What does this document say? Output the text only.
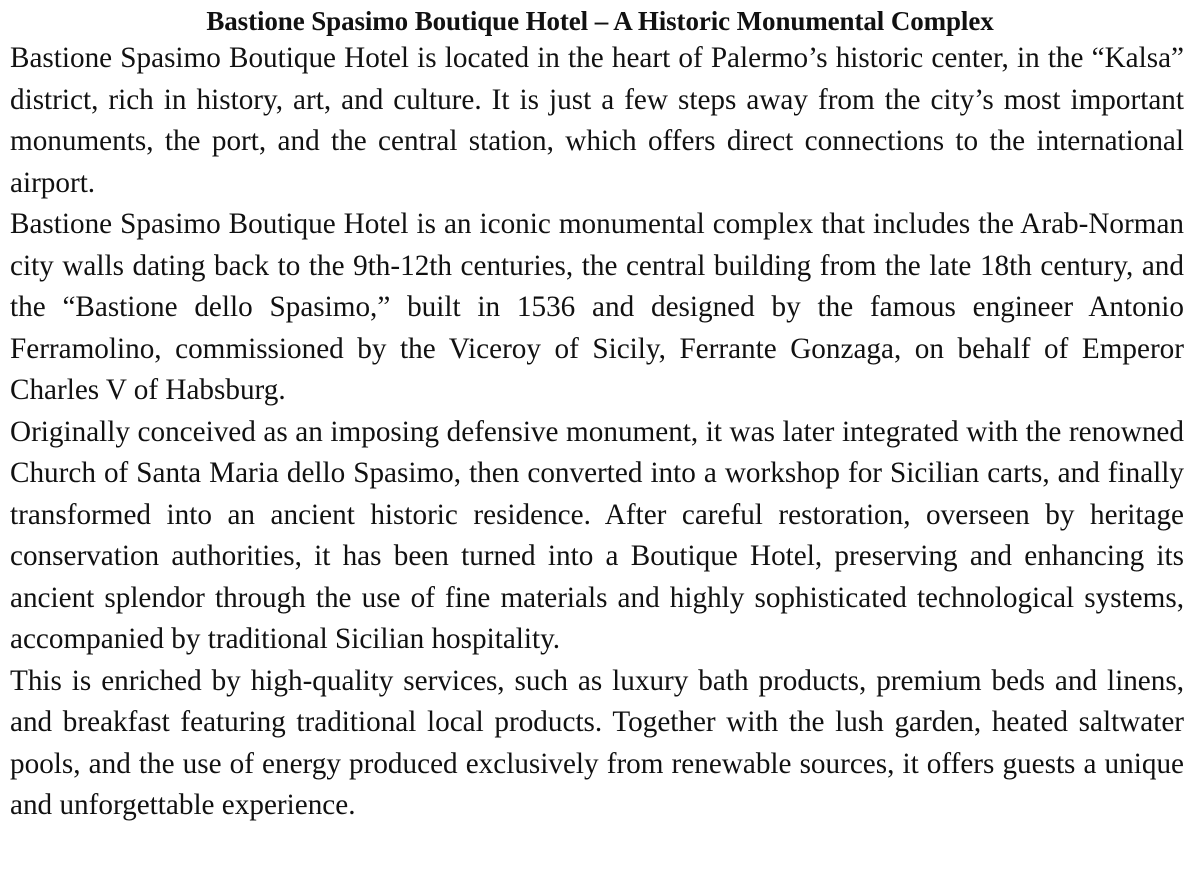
Bastione Spasimo Boutique Hotel – A Historic Monumental Complex

Bastione Spasimo Boutique Hotel is located in the heart of Palermo’s historic center, in the “Kalsa” district, rich in history, art, and culture. It is just a few steps away from the city’s most important monuments, the port, and the central station, which offers direct connections to the international airport.

Bastione Spasimo Boutique Hotel is an iconic monumental complex that includes the Arab-Norman city walls dating back to the 9th-12th centuries, the central building from the late 18th century, and the “Bastione dello Spasimo,” built in 1536 and designed by the famous engineer Antonio Ferramolino, commissioned by the Viceroy of Sicily, Ferrante Gonzaga, on behalf of Emperor Charles V of Habsburg.

Originally conceived as an imposing defensive monument, it was later integrated with the renowned Church of Santa Maria dello Spasimo, then converted into a workshop for Sicilian carts, and finally transformed into an ancient historic residence. After careful restoration, overseen by heritage conservation authorities, it has been turned into a Boutique Hotel, preserving and enhancing its ancient splendor through the use of fine materials and highly sophisticated technological systems, accompanied by traditional Sicilian hospitality.

This is enriched by high-quality services, such as luxury bath products, premium beds and linens, and breakfast featuring traditional local products. Together with the lush garden, heated saltwater pools, and the use of energy produced exclusively from renewable sources, it offers guests a unique and unforgettable experience.
